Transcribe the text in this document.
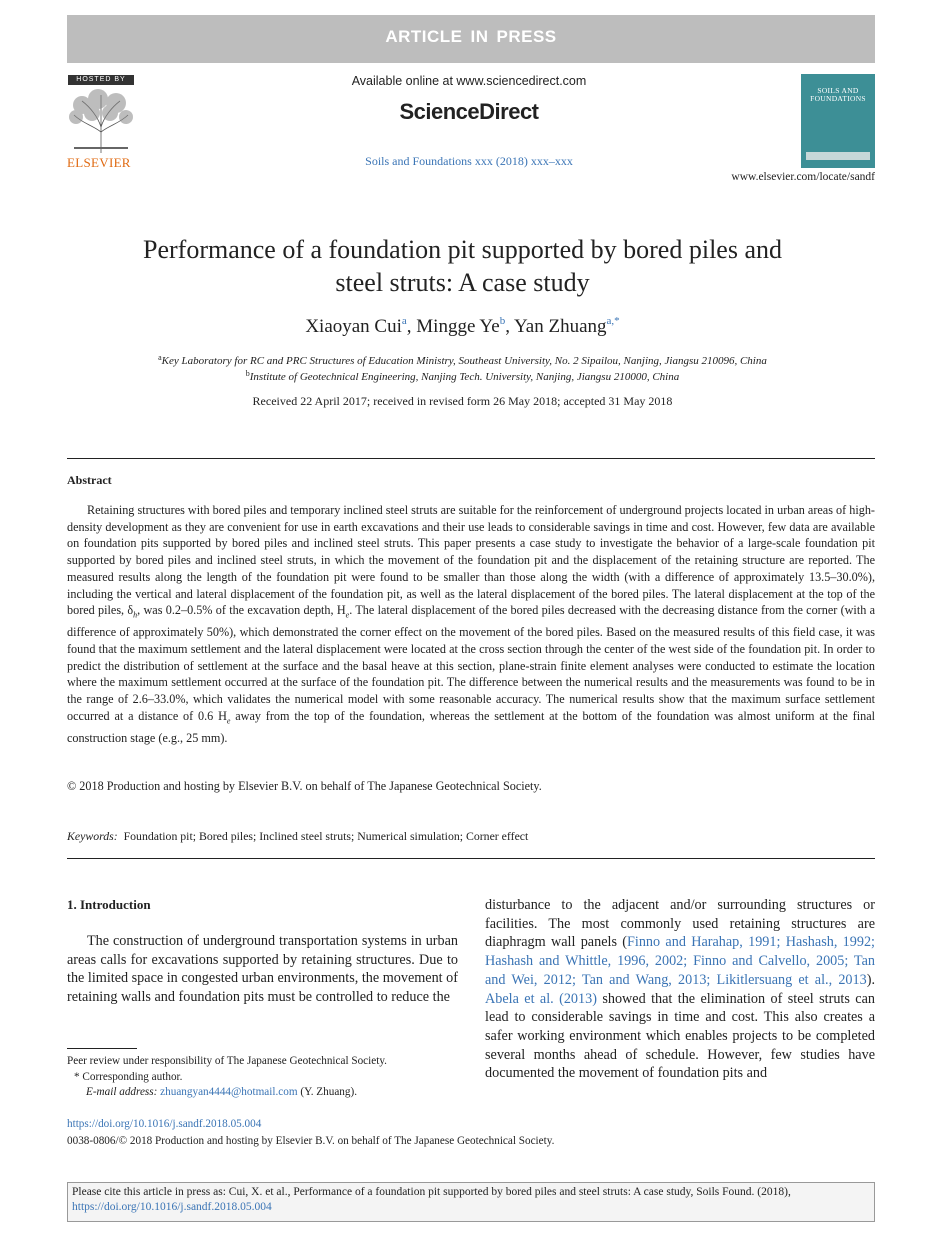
ARTICLE IN PRESS
HOSTED BY
ELSEVIER
Available online at www.sciencedirect.com
ScienceDirect
Soils and Foundations xxx (2018) xxx–xxx
SOILS AND FOUNDATIONS
www.elsevier.com/locate/sandf
Performance of a foundation pit supported by bored piles and
steel struts: A case study
Xiaoyan Cui$^a$, Mingge Ye$^b$, Yan Zhuang$^{a,*}$
$^a$Key Laboratory for RC and PRC Structures of Education Ministry, Southeast University, No. 2 Sipailou, Nanjing, Jiangsu 210096, China
$^b$Institute of Geotechnical Engineering, Nanjing Tech. University, Nanjing, Jiangsu 210000, China
Received 22 April 2017; received in revised form 26 May 2018; accepted 31 May 2018
Abstract
Retaining structures with bored piles and temporary inclined steel struts are suitable for the reinforcement of underground projects located in urban areas of high-density development as they are convenient for use in earth excavations and their use leads to considerable savings in time and cost. However, few data are available on foundation pits supported by bored piles and inclined steel struts. This paper presents a case study to investigate the behavior of a large-scale foundation pit supported by bored piles and inclined steel struts, in which the movement of the foundation pit and the displacement of the retaining structure are reported. The measured results along the length of the foundation pit were found to be smaller than those along the width (with a difference of approximately 13.5–30.0%), including the vertical and lateral displacement of the foundation pit, as well as the lateral displacement of the bored piles. The lateral displacement at the top of the bored piles, $\delta_h$, was 0.2–0.5% of the excavation depth, $H_e$. The lateral displacement of the bored piles decreased with the decreasing distance from the corner (with a difference of approximately 50%), which demonstrated the corner effect on the movement of the bored piles. Based on the measured results of this field case, it was found that the maximum settlement and the lateral displacement were located at the cross section through the center of the west side of the foundation pit. In order to predict the distribution of settlement at the surface and the basal heave at this section, plane-strain finite element analyses were conducted to estimate the location where the maximum settlement occurred at the surface of the foundation pit. The difference between the numerical results and the measurements was found to be in the range of 2.6–33.0%, which validates the numerical model with some reasonable accuracy. The numerical results show that the maximum surface settlement occurred at a distance of 0.6 $H_e$ away from the top of the foundation, whereas the settlement at the bottom of the foundation was almost uniform at the final construction stage (e.g., 25 mm).
© 2018 Production and hosting by Elsevier B.V. on behalf of The Japanese Geotechnical Society.
Keywords: Foundation pit; Bored piles; Inclined steel struts; Numerical simulation; Corner effect
1. Introduction
The construction of underground transportation systems in urban areas calls for excavations supported by retaining structures. Due to the limited space in congested urban environments, the movement of retaining walls and foundation pits must be controlled to reduce the
disturbance to the adjacent and/or surrounding structures or facilities. The most commonly used retaining structures are diaphragm wall panels (Finno and Harahap, 1991; Hashash, 1992; Hashash and Whittle, 1996, 2002; Finno and Calvello, 2005; Tan and Wei, 2012; Tan and Wang, 2013; Likitlersuang et al., 2013). Abela et al. (2013) showed that the elimination of steel struts can lead to considerable savings in time and cost. This also creates a safer working environment which enables projects to be completed several months ahead of schedule. However, few studies have documented the movement of foundation pits and
Peer review under responsibility of The Japanese Geotechnical Society.
* Corresponding author.
E-mail address: zhuangyan4444@hotmail.com (Y. Zhuang).
https://doi.org/10.1016/j.sandf.2018.05.004
0038-0806/© 2018 Production and hosting by Elsevier B.V. on behalf of The Japanese Geotechnical Society.
Please cite this article in press as: Cui, X. et al., Performance of a foundation pit supported by bored piles and steel struts: A case study, Soils Found. (2018), https://doi.org/10.1016/j.sandf.2018.05.004
